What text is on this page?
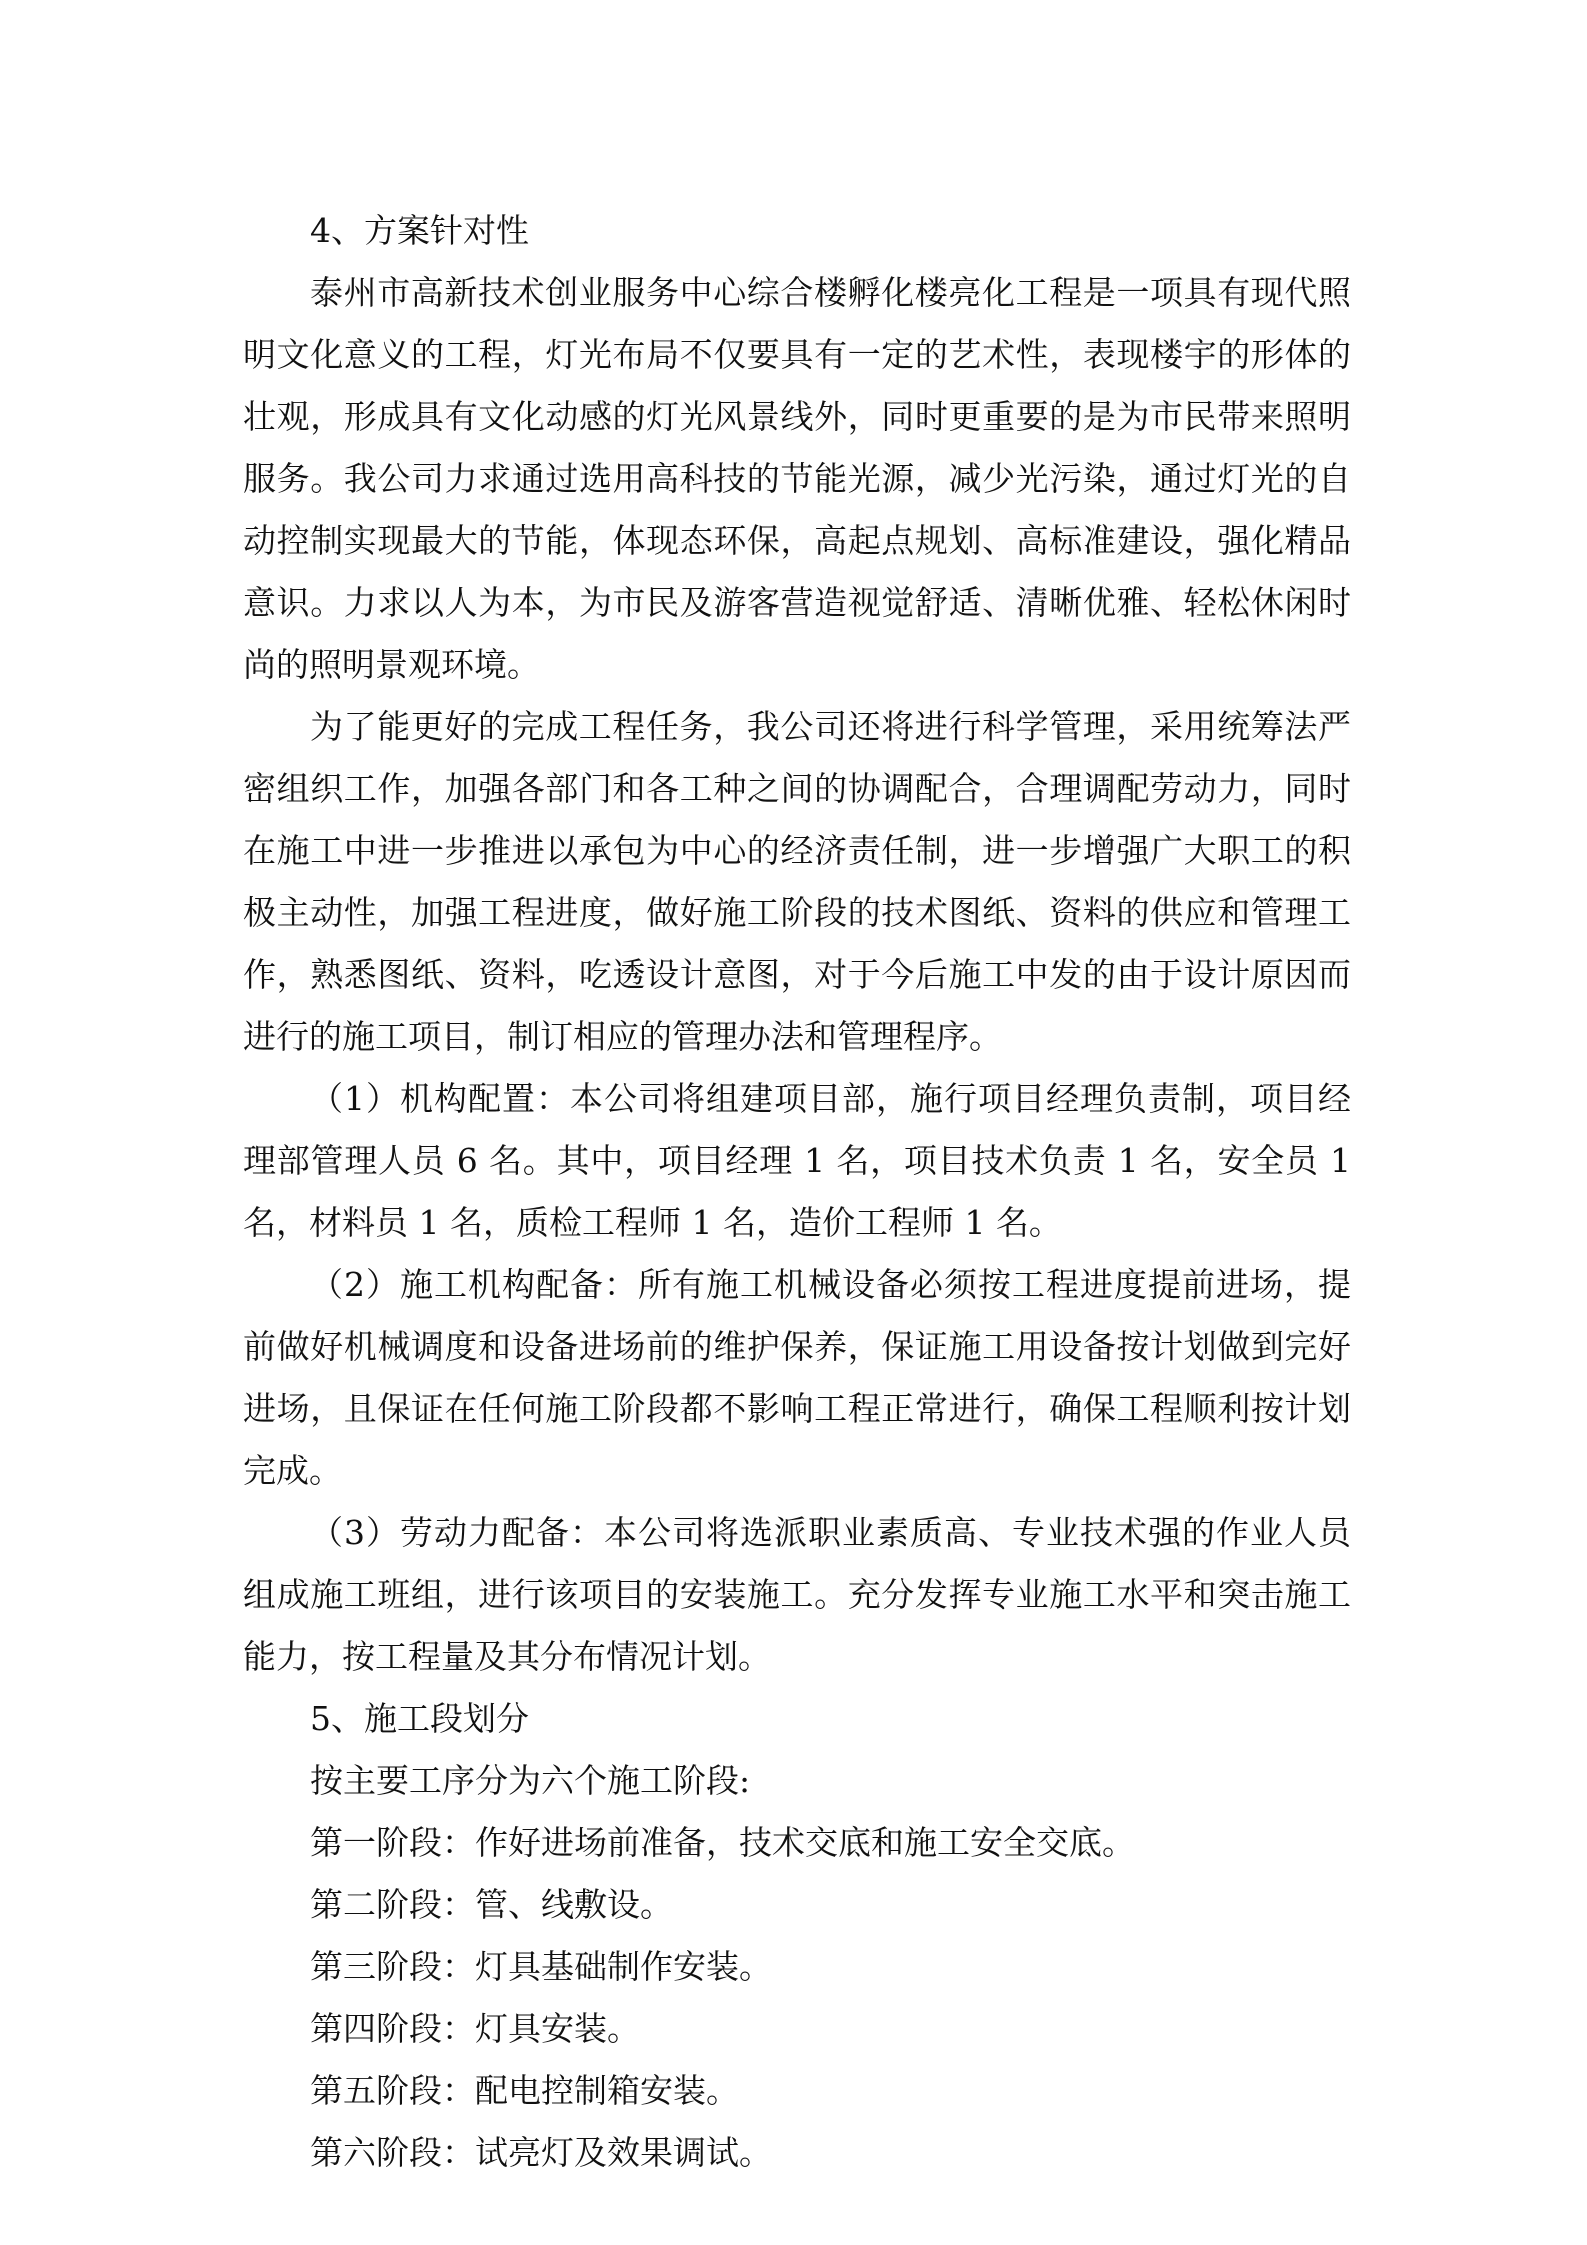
4、方案针对性

泰州市高新技术创业服务中心综合楼孵化楼亮化工程是一项具有现代照明文化意义的工程，灯光布局不仅要具有一定的艺术性，表现楼宇的形体的壮观，形成具有文化动感的灯光风景线外，同时更重要的是为市民带来照明服务。我公司力求通过选用高科技的节能光源，减少光污染，通过灯光的自动控制实现最大的节能，体现态环保，高起点规划、高标准建设，强化精品意识。力求以人为本，为市民及游客营造视觉舒适、清晰优雅、轻松休闲时尚的照明景观环境。

为了能更好的完成工程任务，我公司还将进行科学管理，采用统筹法严密组织工作，加强各部门和各工种之间的协调配合，合理调配劳动力，同时在施工中进一步推进以承包为中心的经济责任制，进一步增强广大职工的积极主动性，加强工程进度，做好施工阶段的技术图纸、资料的供应和管理工作，熟悉图纸、资料，吃透设计意图，对于今后施工中发的由于设计原因而进行的施工项目，制订相应的管理办法和管理程序。

（1）机构配置：本公司将组建项目部，施行项目经理负责制，项目经理部管理人员 6 名。其中，项目经理 1 名，项目技术负责 1 名，安全员 1 名，材料员 1 名，质检工程师 1 名，造价工程师 1 名。

（2）施工机构配备：所有施工机械设备必须按工程进度提前进场，提前做好机械调度和设备进场前的维护保养，保证施工用设备按计划做到完好进场，且保证在任何施工阶段都不影响工程正常进行，确保工程顺利按计划完成。

（3）劳动力配备：本公司将选派职业素质高、专业技术强的作业人员组成施工班组，进行该项目的安装施工。充分发挥专业施工水平和突击施工能力，按工程量及其分布情况计划。

5、施工段划分

按主要工序分为六个施工阶段:

第一阶段：作好进场前准备，技术交底和施工安全交底。

第二阶段：管、线敷设。

第三阶段：灯具基础制作安装。

第四阶段：灯具安装。

第五阶段：配电控制箱安装。

第六阶段：试亮灯及效果调试。
